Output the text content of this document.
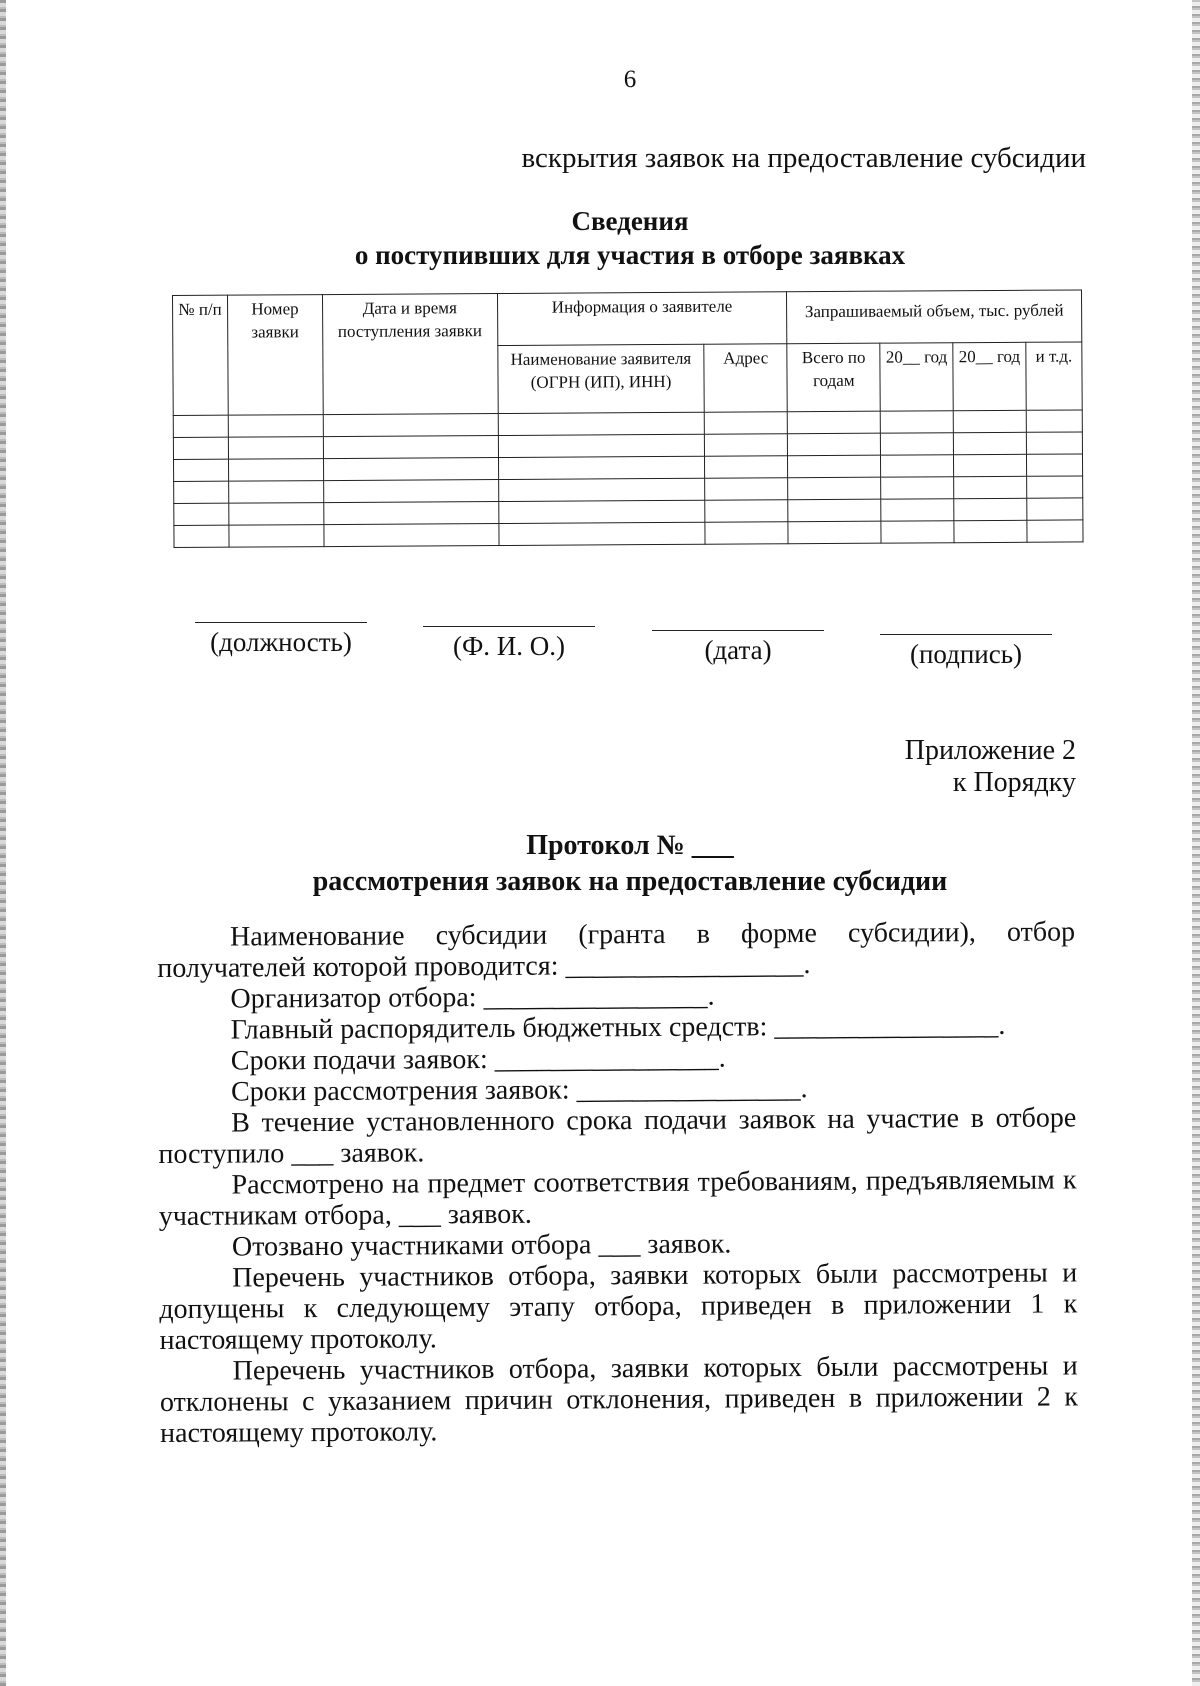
6
вскрытия заявок на предоставление субсидии
Сведения
о поступивших для участия в отборе заявках
№ п/п	Номер заявки	Дата и время поступления заявки	Информация о заявителе		Запрашиваемый объем, тыс. рублей			
			Наименование заявителя (ОГРН (ИП), ИНН)	Адрес	Всего по годам	20__ год	20__ год	и т.д.

(должность)	(Ф. И. О.)	(дата)	(подпись)
Приложение 2
к Порядку
Протокол № ___
рассмотрения заявок на предоставление субсидии

Наименование субсидии (гранта в форме субсидии), отбор получателей которой проводится: _________________.

Организатор отбора: ________________.

Главный распорядитель бюджетных средств: ________________.

Сроки подачи заявок: ________________.

Сроки рассмотрения заявок: ________________.

В течение установленного срока подачи заявок на участие в отборе поступило ___ заявок.

Рассмотрено на предмет соответствия требованиям, предъявляемым к участникам отбора, ___ заявок.

Отозвано участниками отбора ___ заявок.

Перечень участников отбора, заявки которых были рассмотрены и допущены к следующему этапу отбора, приведен в приложении 1 к настоящему протоколу.

Перечень участников отбора, заявки которых были рассмотрены и отклонены с указанием причин отклонения, приведен в приложении 2 к настоящему протоколу.
